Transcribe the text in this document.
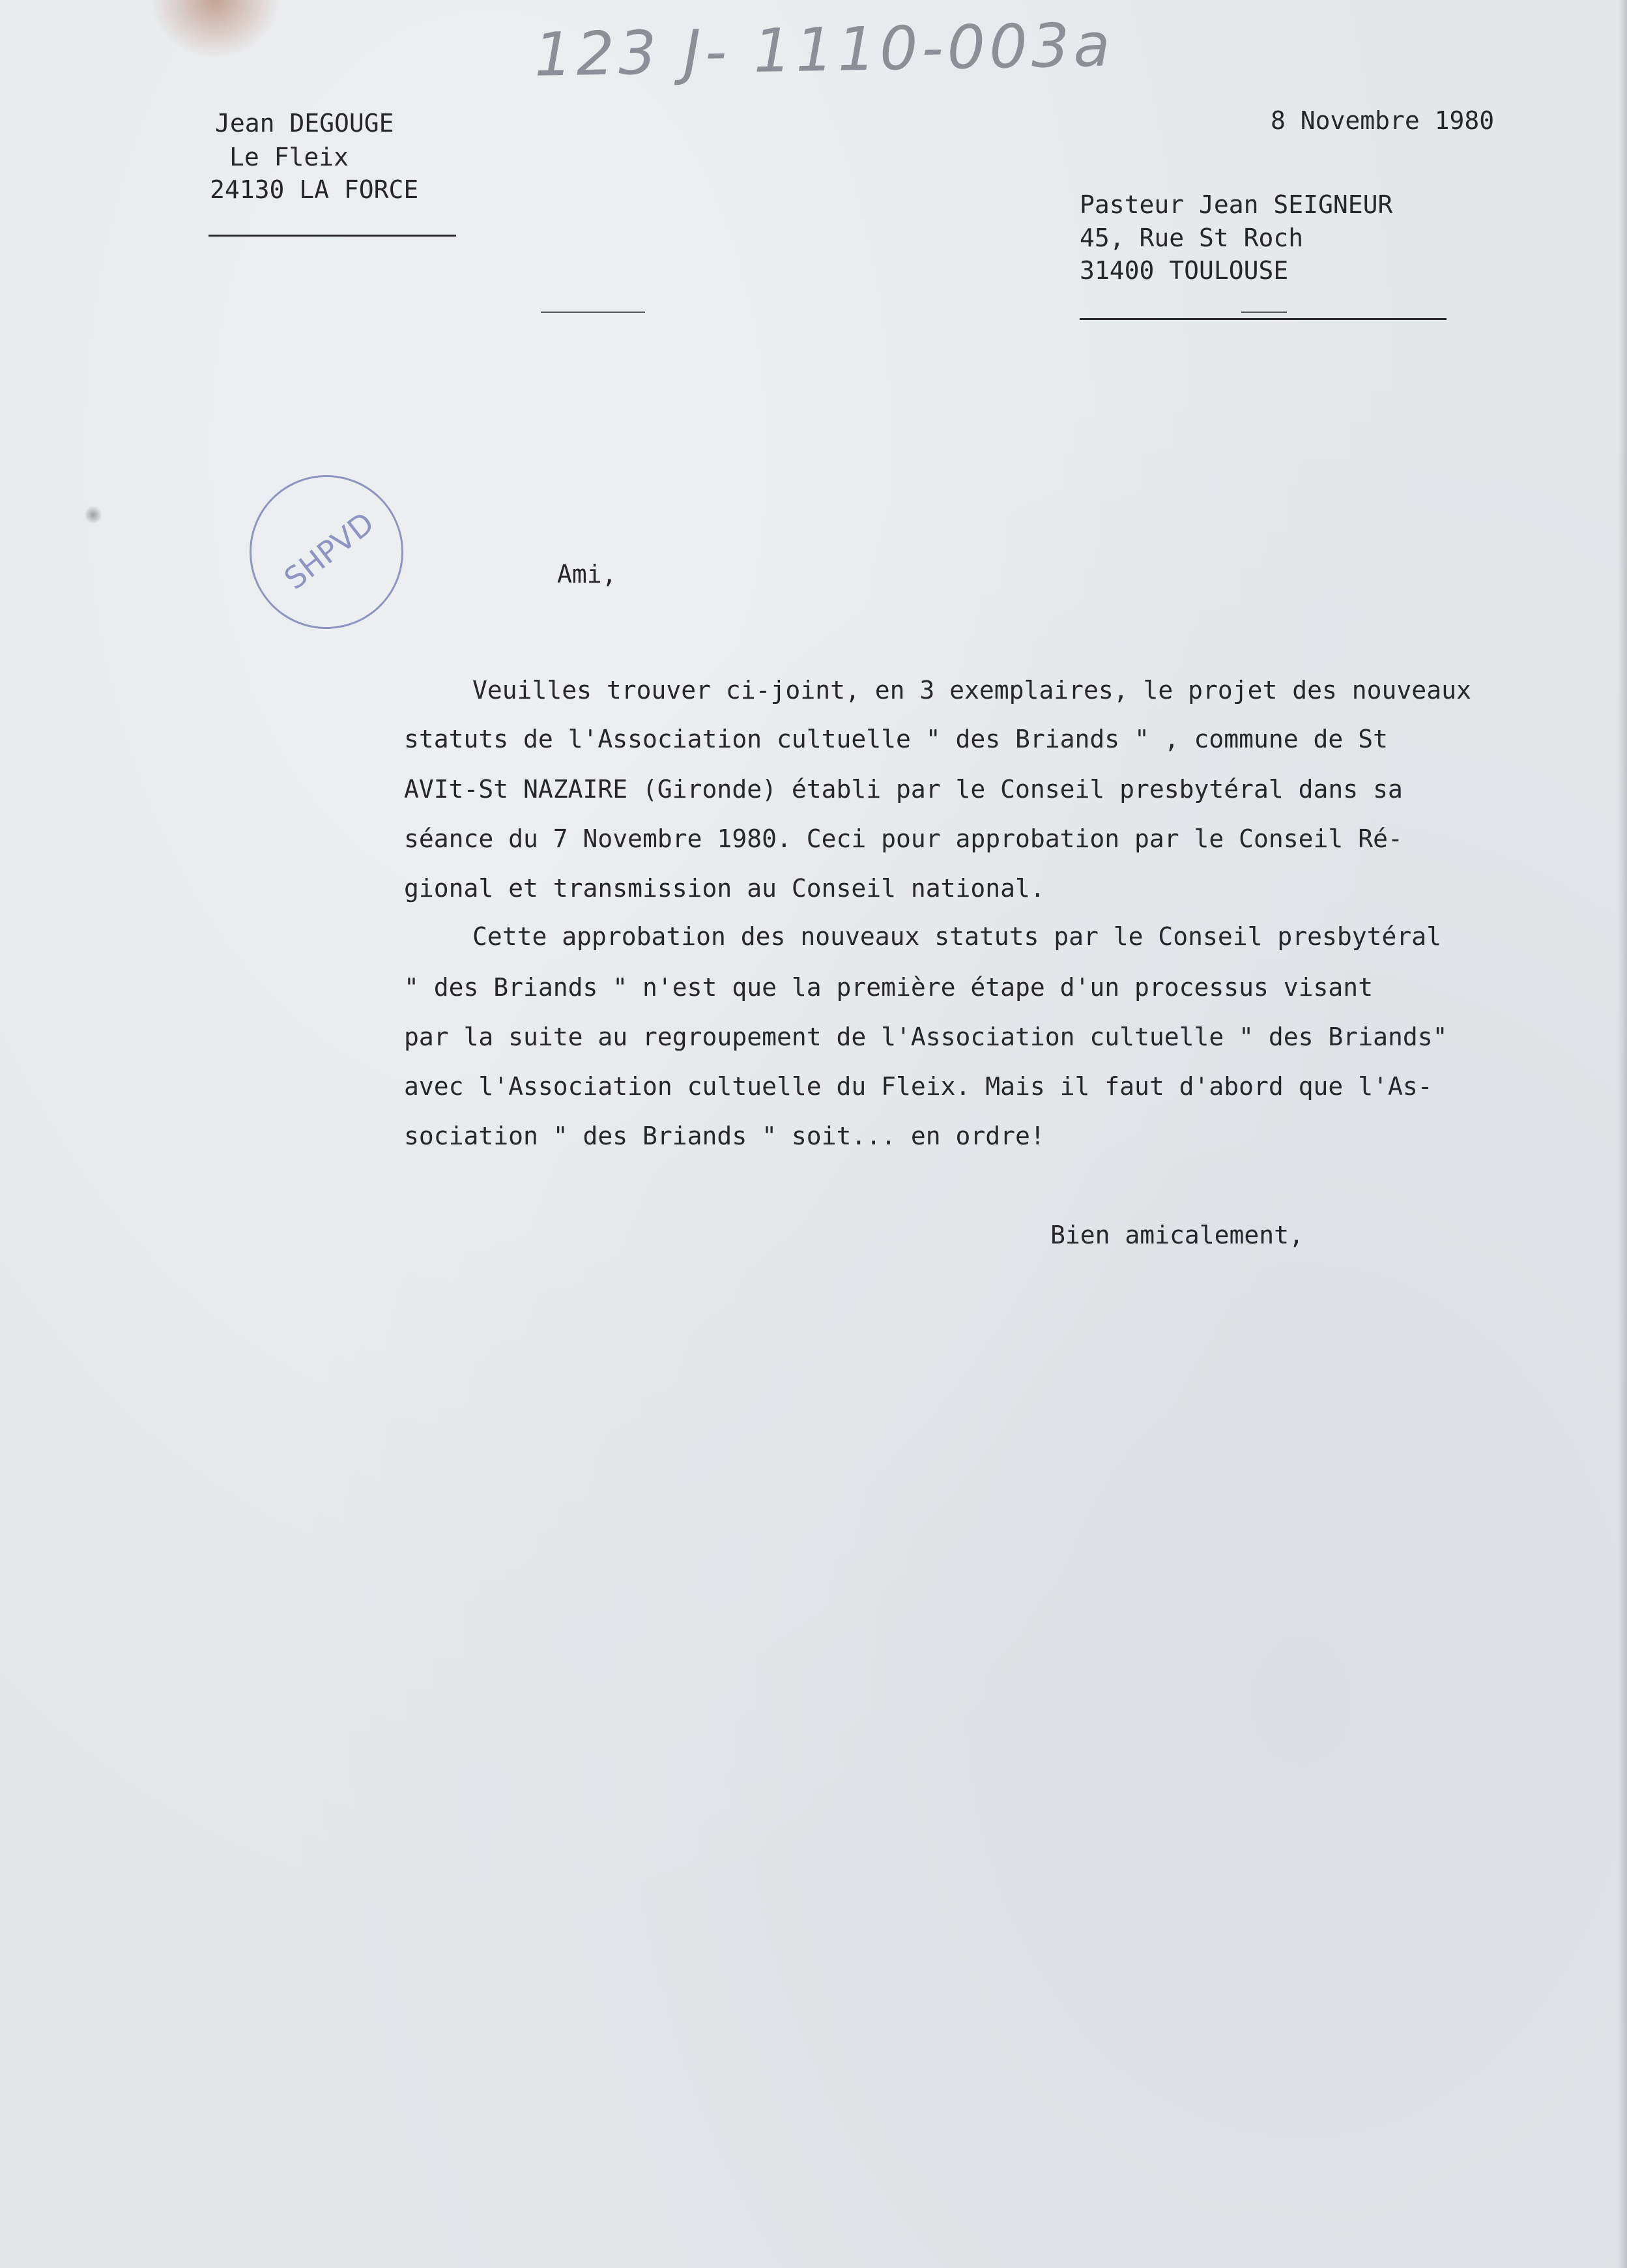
123 J- 1110-003a
Jean DEGOUGE
Le Fleix
24130 LA FORCE
8 Novembre 1980
Pasteur Jean SEIGNEUR
45, Rue St Roch
31400 TOULOUSE
SHPVD	Ami,
Veuilles trouver ci-joint, en 3 exemplaires, le projet des nouveaux
statuts de l'Association cultuelle " des Briands " , commune de St
AVIt-St NAZAIRE (Gironde) établi par le Conseil presbytéral dans sa
séance du 7 Novembre 1980. Ceci pour approbation par le Conseil Ré-
gional et transmission au Conseil national.
Cette approbation des nouveaux statuts par le Conseil presbytéral
" des Briands " n'est que la première étape d'un processus visant
par la suite au regroupement de l'Association cultuelle " des Briands"
avec l'Association cultuelle du Fleix. Mais il faut d'abord que l'As-
sociation " des Briands " soit... en ordre!
Bien amicalement,
